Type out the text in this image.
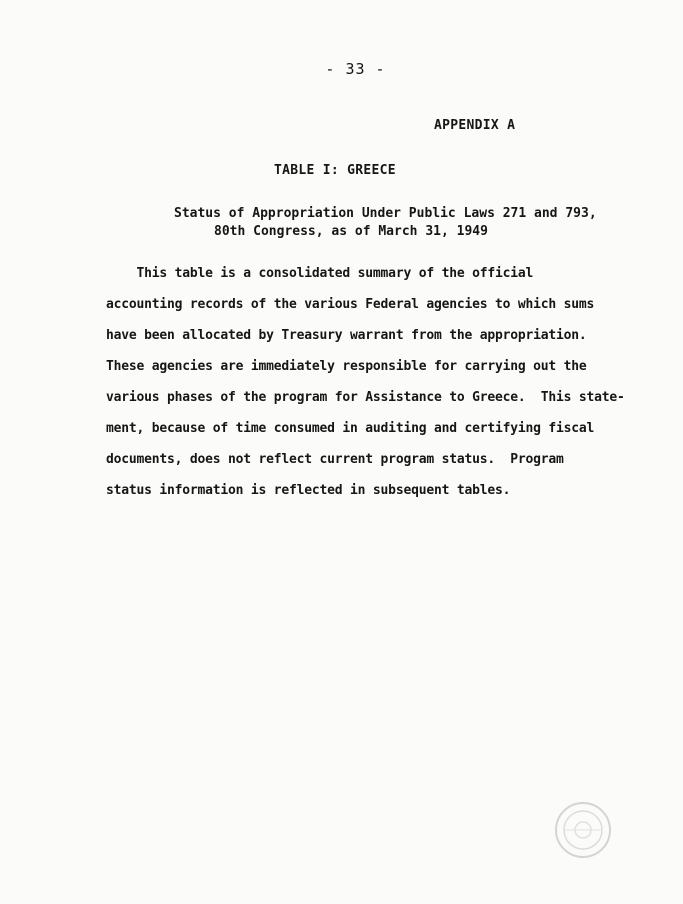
- 33 -
APPENDIX A
TABLE I: GREECE
Status of Appropriation Under Public Laws 271 and 793,
80th Congress, as of March 31, 1949
This table is a consolidated summary of the official
accounting records of the various Federal agencies to which sums
have been allocated by Treasury warrant from the appropriation.
These agencies are immediately responsible for carrying out the
various phases of the program for Assistance to Greece.  This state-
ment, because of time consumed in auditing and certifying fiscal
documents, does not reflect current program status.  Program
status information is reflected in subsequent tables.
